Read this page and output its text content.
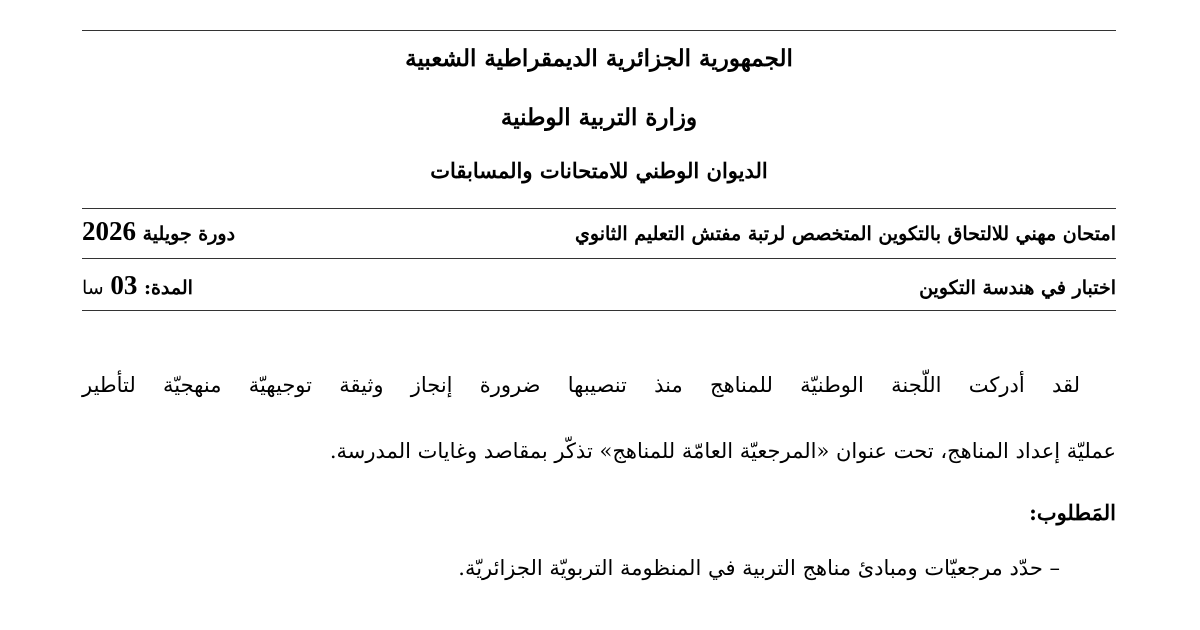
الجمهورية الجزائرية الديمقراطية الشعبية
وزارة التربية الوطنية
الديوان الوطني للامتحانات والمسابقات
امتحان مهني للالتحاق بالتكوين المتخصص لرتبة مفتش التعليم الثانوي
دورة جويلية 2026
اختبار في هندسة التكوين
المدة: 03 سا
لقد أدركت اللّجنة الوطنيّة للمناهج منذ تنصيبها ضرورة إنجاز وثيقة توجيهيّة منهجيّة لتأطير
عمليّة إعداد المناهج، تحت عنوان «المرجعيّة العامّة للمناهج» تذكّر بمقاصد وغايات المدرسة.
المَطلوب:
– حدّد مرجعيّات ومبادئ مناهج التربية في المنظومة التربويّة الجزائريّة.
